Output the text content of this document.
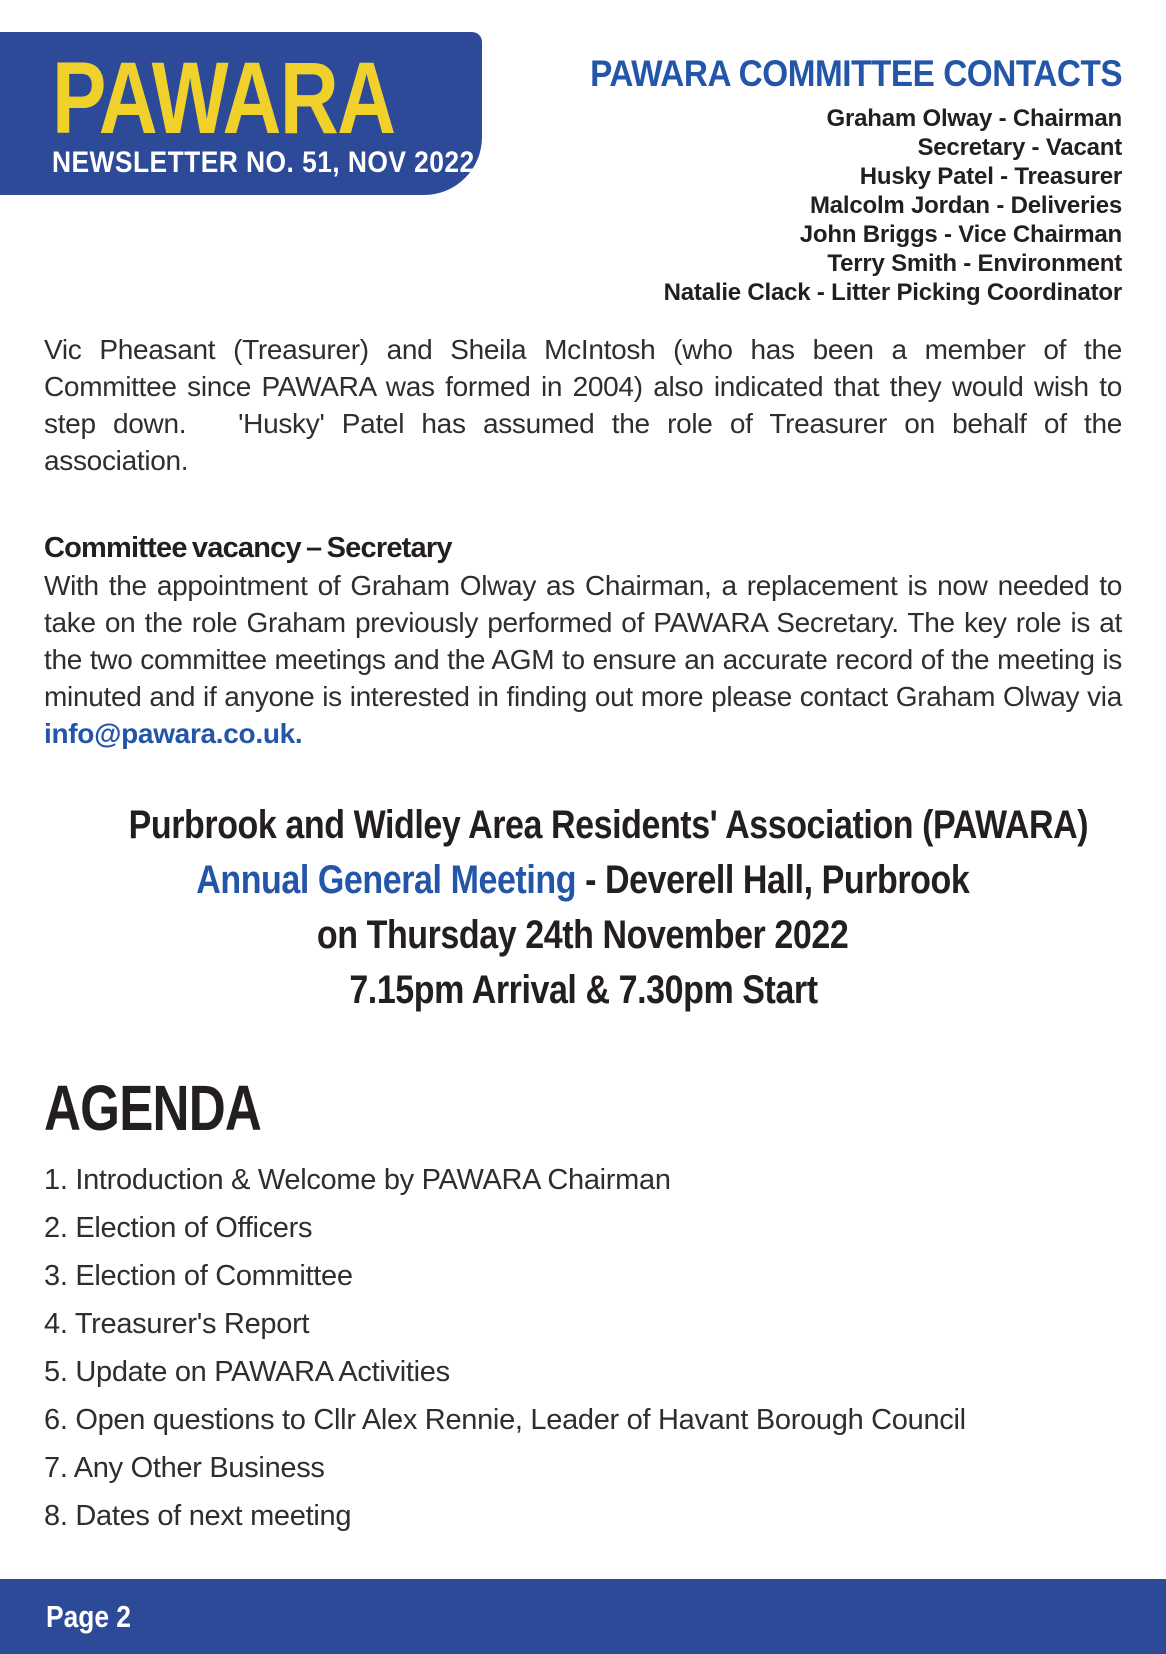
PAWARA
NEWSLETTER NO. 51, NOV 2022
PAWARA COMMITTEE CONTACTS
Graham Olway - Chairman
Secretary - Vacant
Husky Patel - Treasurer
Malcolm Jordan - Deliveries
John Briggs - Vice Chairman
Terry Smith - Environment
Natalie Clack - Litter Picking Coordinator

Vic Pheasant (Treasurer) and Sheila McIntosh (who has been a member of the Committee since PAWARA was formed in 2004) also indicated that they would wish to step down.   'Husky' Patel has assumed the role of Treasurer on behalf of the association.

Committee vacancy – Secretary

With the appointment of Graham Olway as Chairman, a replacement is now needed to take on the role Graham previously performed of PAWARA Secretary. The key role is at the two committee meetings and the AGM to ensure an accurate record of the meeting is minuted and if anyone is interested in finding out more please contact Graham Olway via info@pawara.co.uk.

Purbrook and Widley Area Residents' Association (PAWARA)
Annual General Meeting - Deverell Hall, Purbrook
on Thursday 24th November 2022
7.15pm Arrival & 7.30pm Start
AGENDA
1. Introduction & Welcome by PAWARA Chairman
2. Election of Officers
3. Election of Committee
4. Treasurer's Report
5. Update on PAWARA Activities
6. Open questions to Cllr Alex Rennie, Leader of Havant Borough Council
7. Any Other Business
8. Dates of next meeting
Page 2
